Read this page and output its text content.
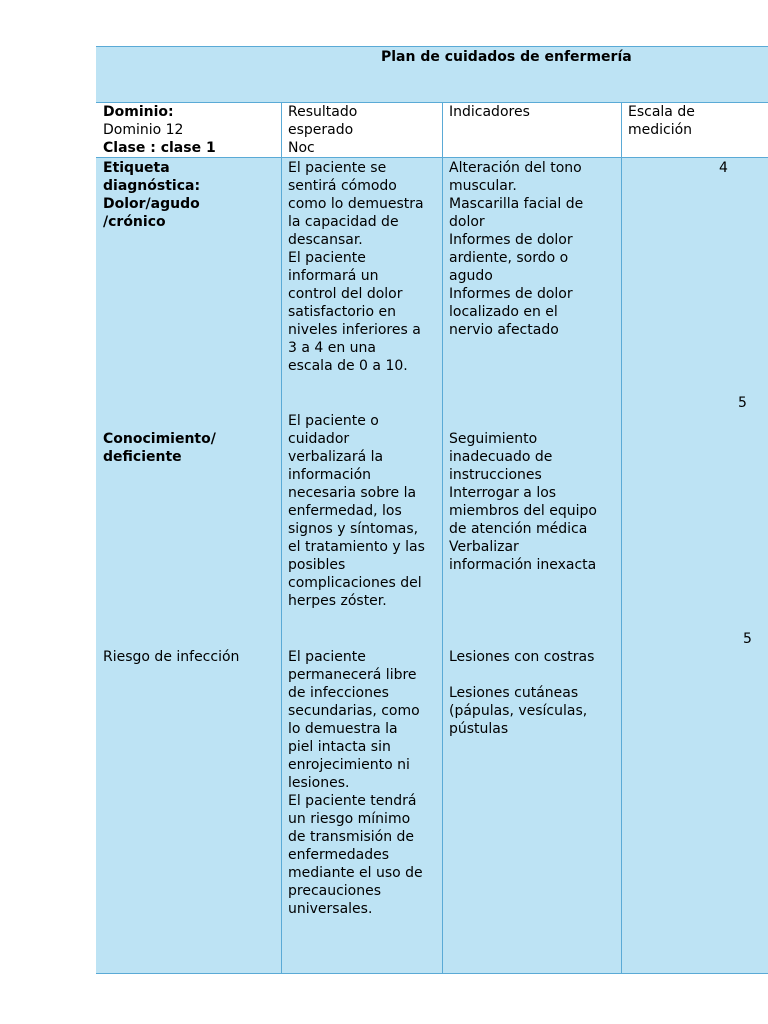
Plan de cuidados de enfermería
Dominio:
Dominio 12
Clase : clase 1
Resultado
esperado
Noc
Indicadores	Escala de
medición
Etiqueta
diagnóstica:
Dolor/agudo
/crónico
El paciente se
sentirá cómodo
como lo demuestra
la capacidad de
descansar.
El paciente
informará un
control del dolor
satisfactorio en
niveles inferiores a
3 a 4 en una
escala de 0 a 10.
Alteración del tono
muscular.
Mascarilla facial de
dolor
Informes de dolor
ardiente, sordo o
agudo
Informes de dolor
localizado en el
nervio afectado
4
5
Conocimiento/
deficiente
El paciente o
cuidador
verbalizará la
información
necesaria sobre la
enfermedad, los
signos y síntomas,
el tratamiento y las
posibles
complicaciones del
herpes zóster.
Seguimiento
inadecuado de
instrucciones
Interrogar a los
miembros del equipo
de atención médica
Verbalizar
información inexacta
5
Riesgo de infección	El paciente
permanecerá libre
de infecciones
secundarias, como
lo demuestra la
piel intacta sin
enrojecimiento ni
lesiones.
El paciente tendrá
un riesgo mínimo
de transmisión de
enfermedades
mediante el uso de
precauciones
universales.
Lesiones con costras
Lesiones cutáneas
(pápulas, vesículas,
pústulas
